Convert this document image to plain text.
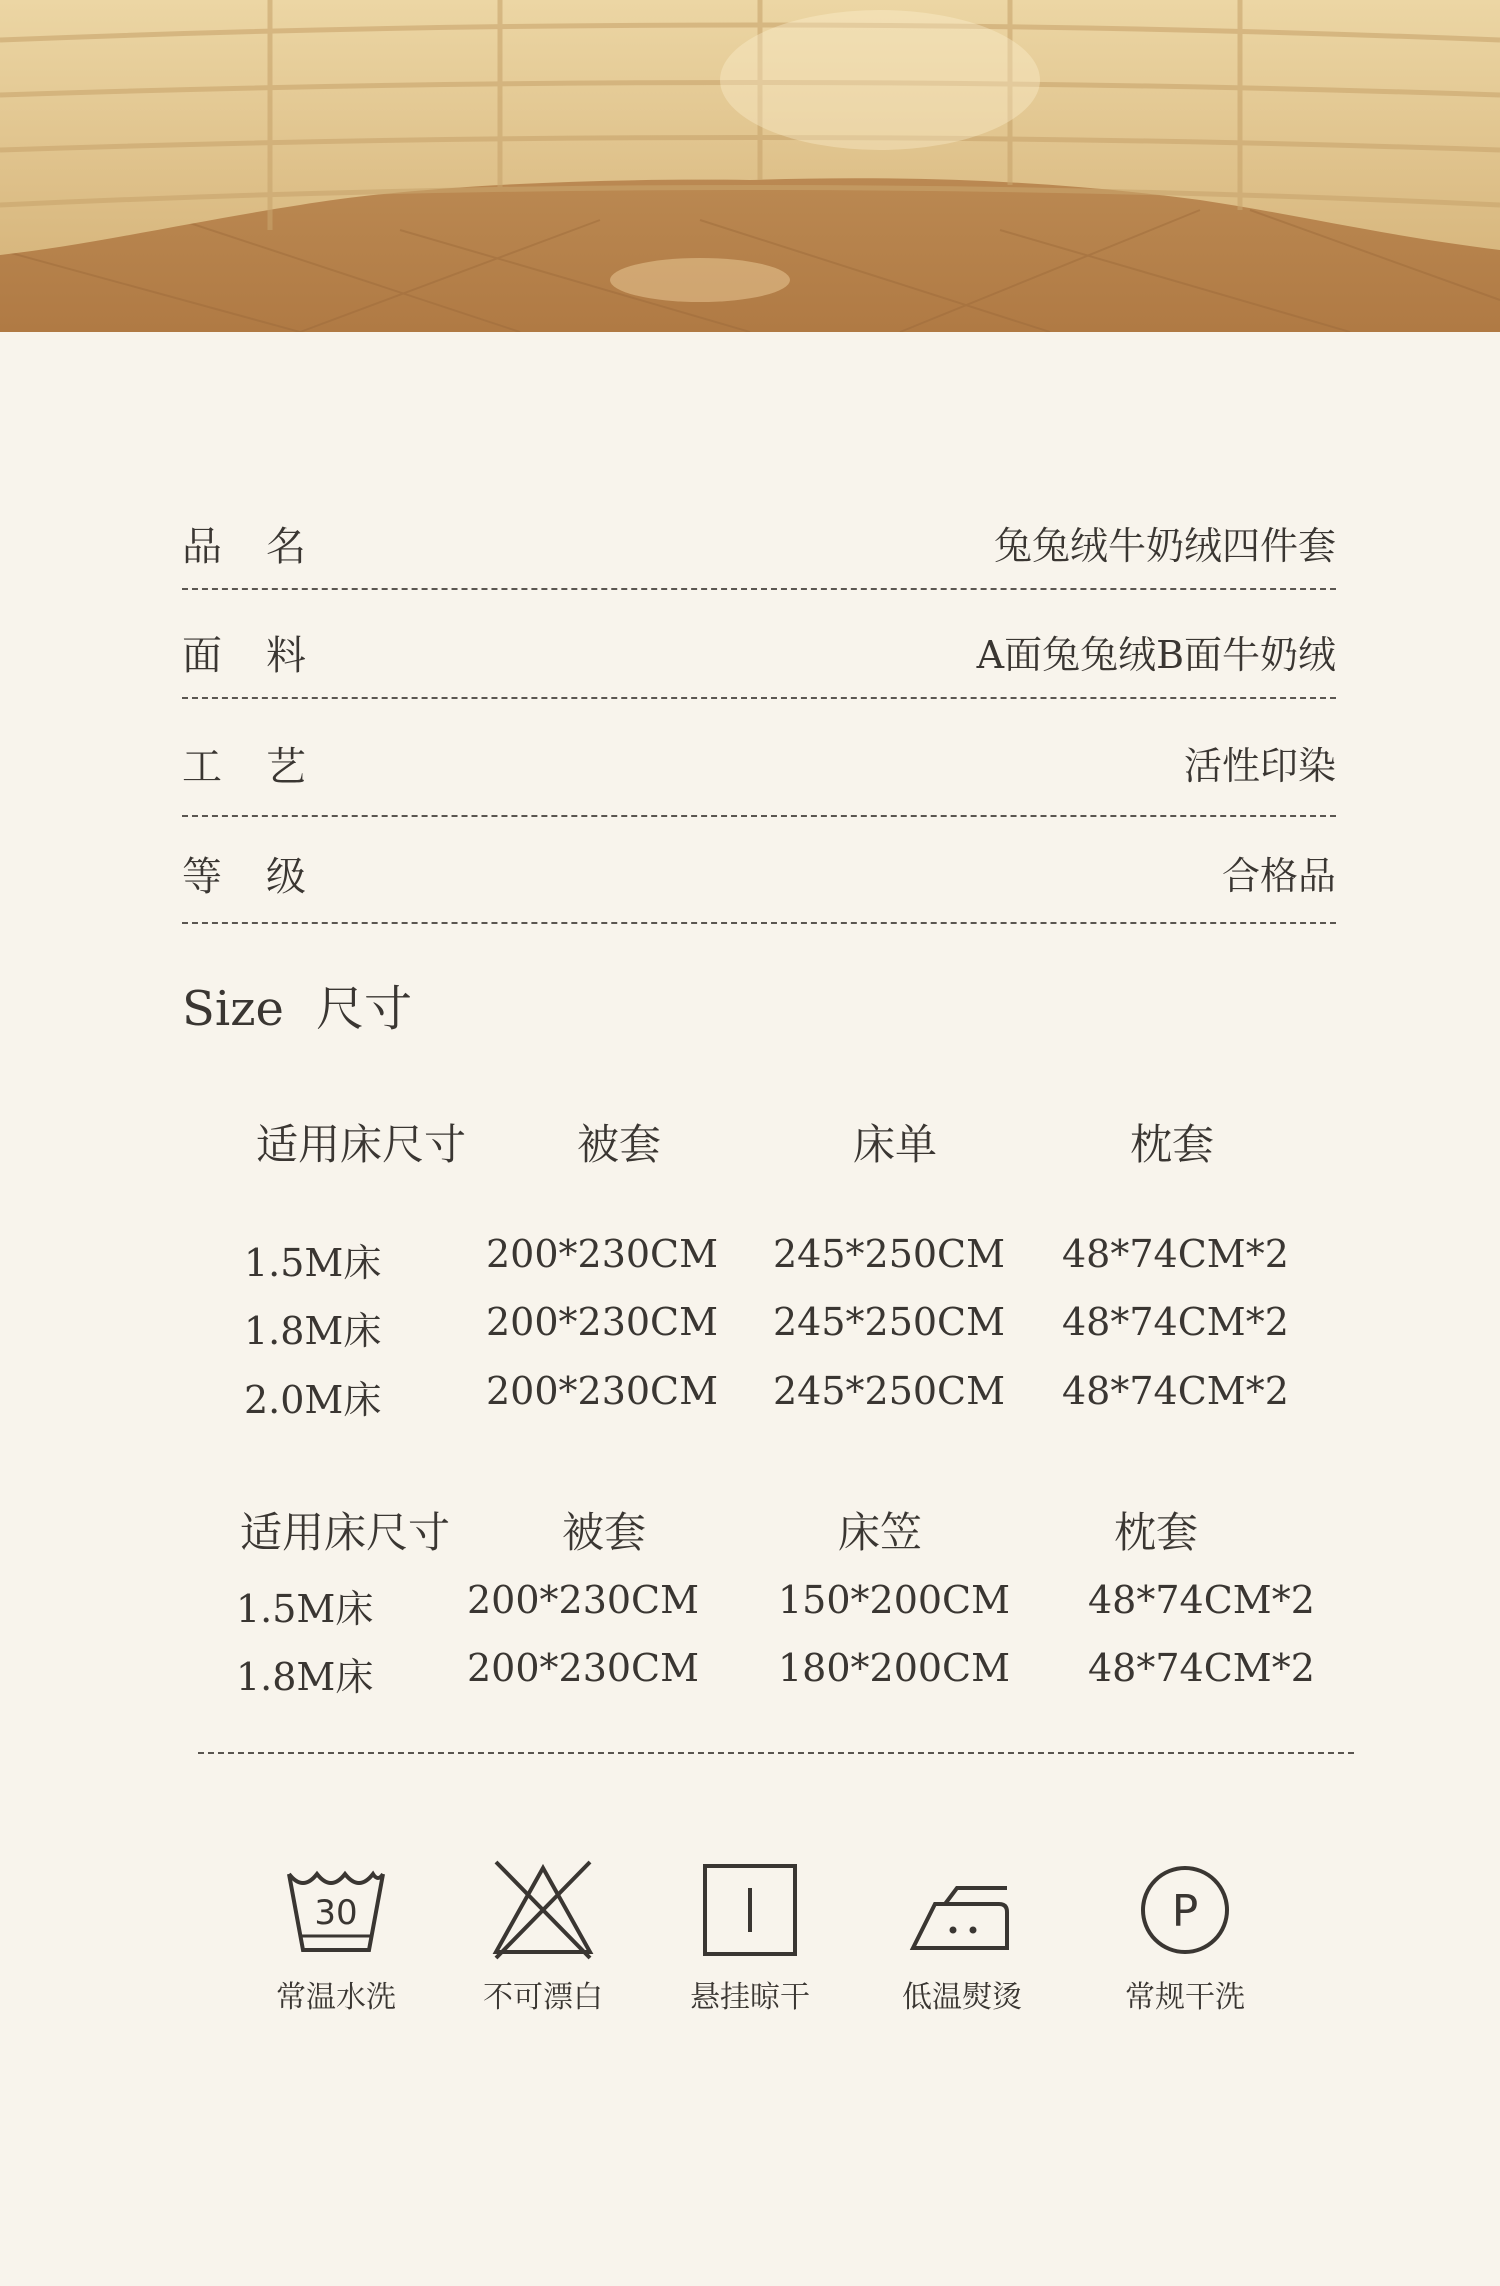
品名	兔兔绒牛奶绒四件套
面料	A面兔兔绒B面牛奶绒
工艺	活性印染
等级	合格品
Size 尺寸
适用床尺寸	被套	床单	枕套
1.5M床	200*230CM 245*250CM 48*74CM*2
1.8M床	200*230CM 245*250CM 48*74CM*2
2.0M床	200*230CM 245*250CM 48*74CM*2
适用床尺寸	被套	床笠	枕套
1.5M床 200*230CM 150*200CM 48*74CM*2
1.8M床 200*230CM 180*200CM 48*74CM*2
30
常温水洗	不可漂白	悬挂晾干	低温熨烫
P
常规干洗
